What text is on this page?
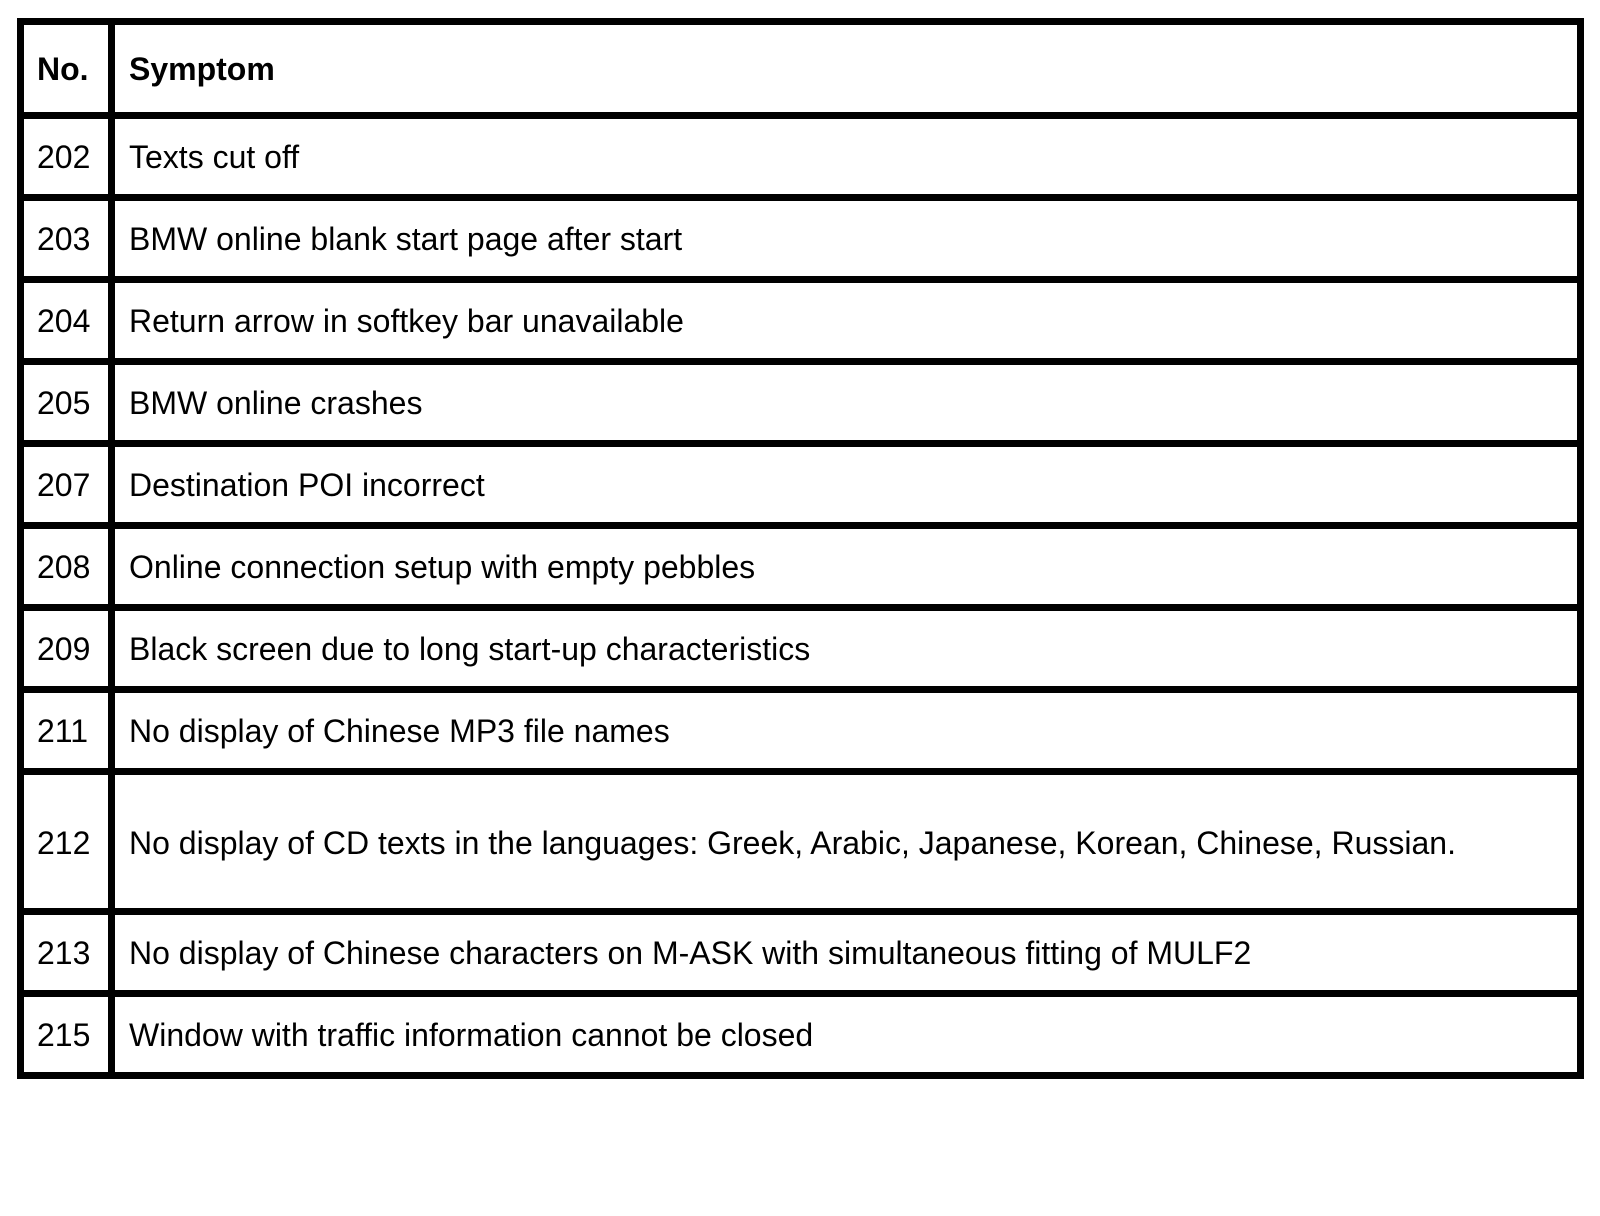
No.	Symptom
202	Texts cut off
203	BMW online blank start page after start
204	Return arrow in softkey bar unavailable
205	BMW online crashes
207	Destination POI incorrect
208	Online connection setup with empty pebbles
209	Black screen due to long start-up characteristics
211	No display of Chinese MP3 file names
212	No display of CD texts in the languages: Greek, Arabic, Japanese, Korean, Chinese, Russian.
213	No display of Chinese characters on M-ASK with simultaneous fitting of MULF2
215	Window with traffic information cannot be closed
